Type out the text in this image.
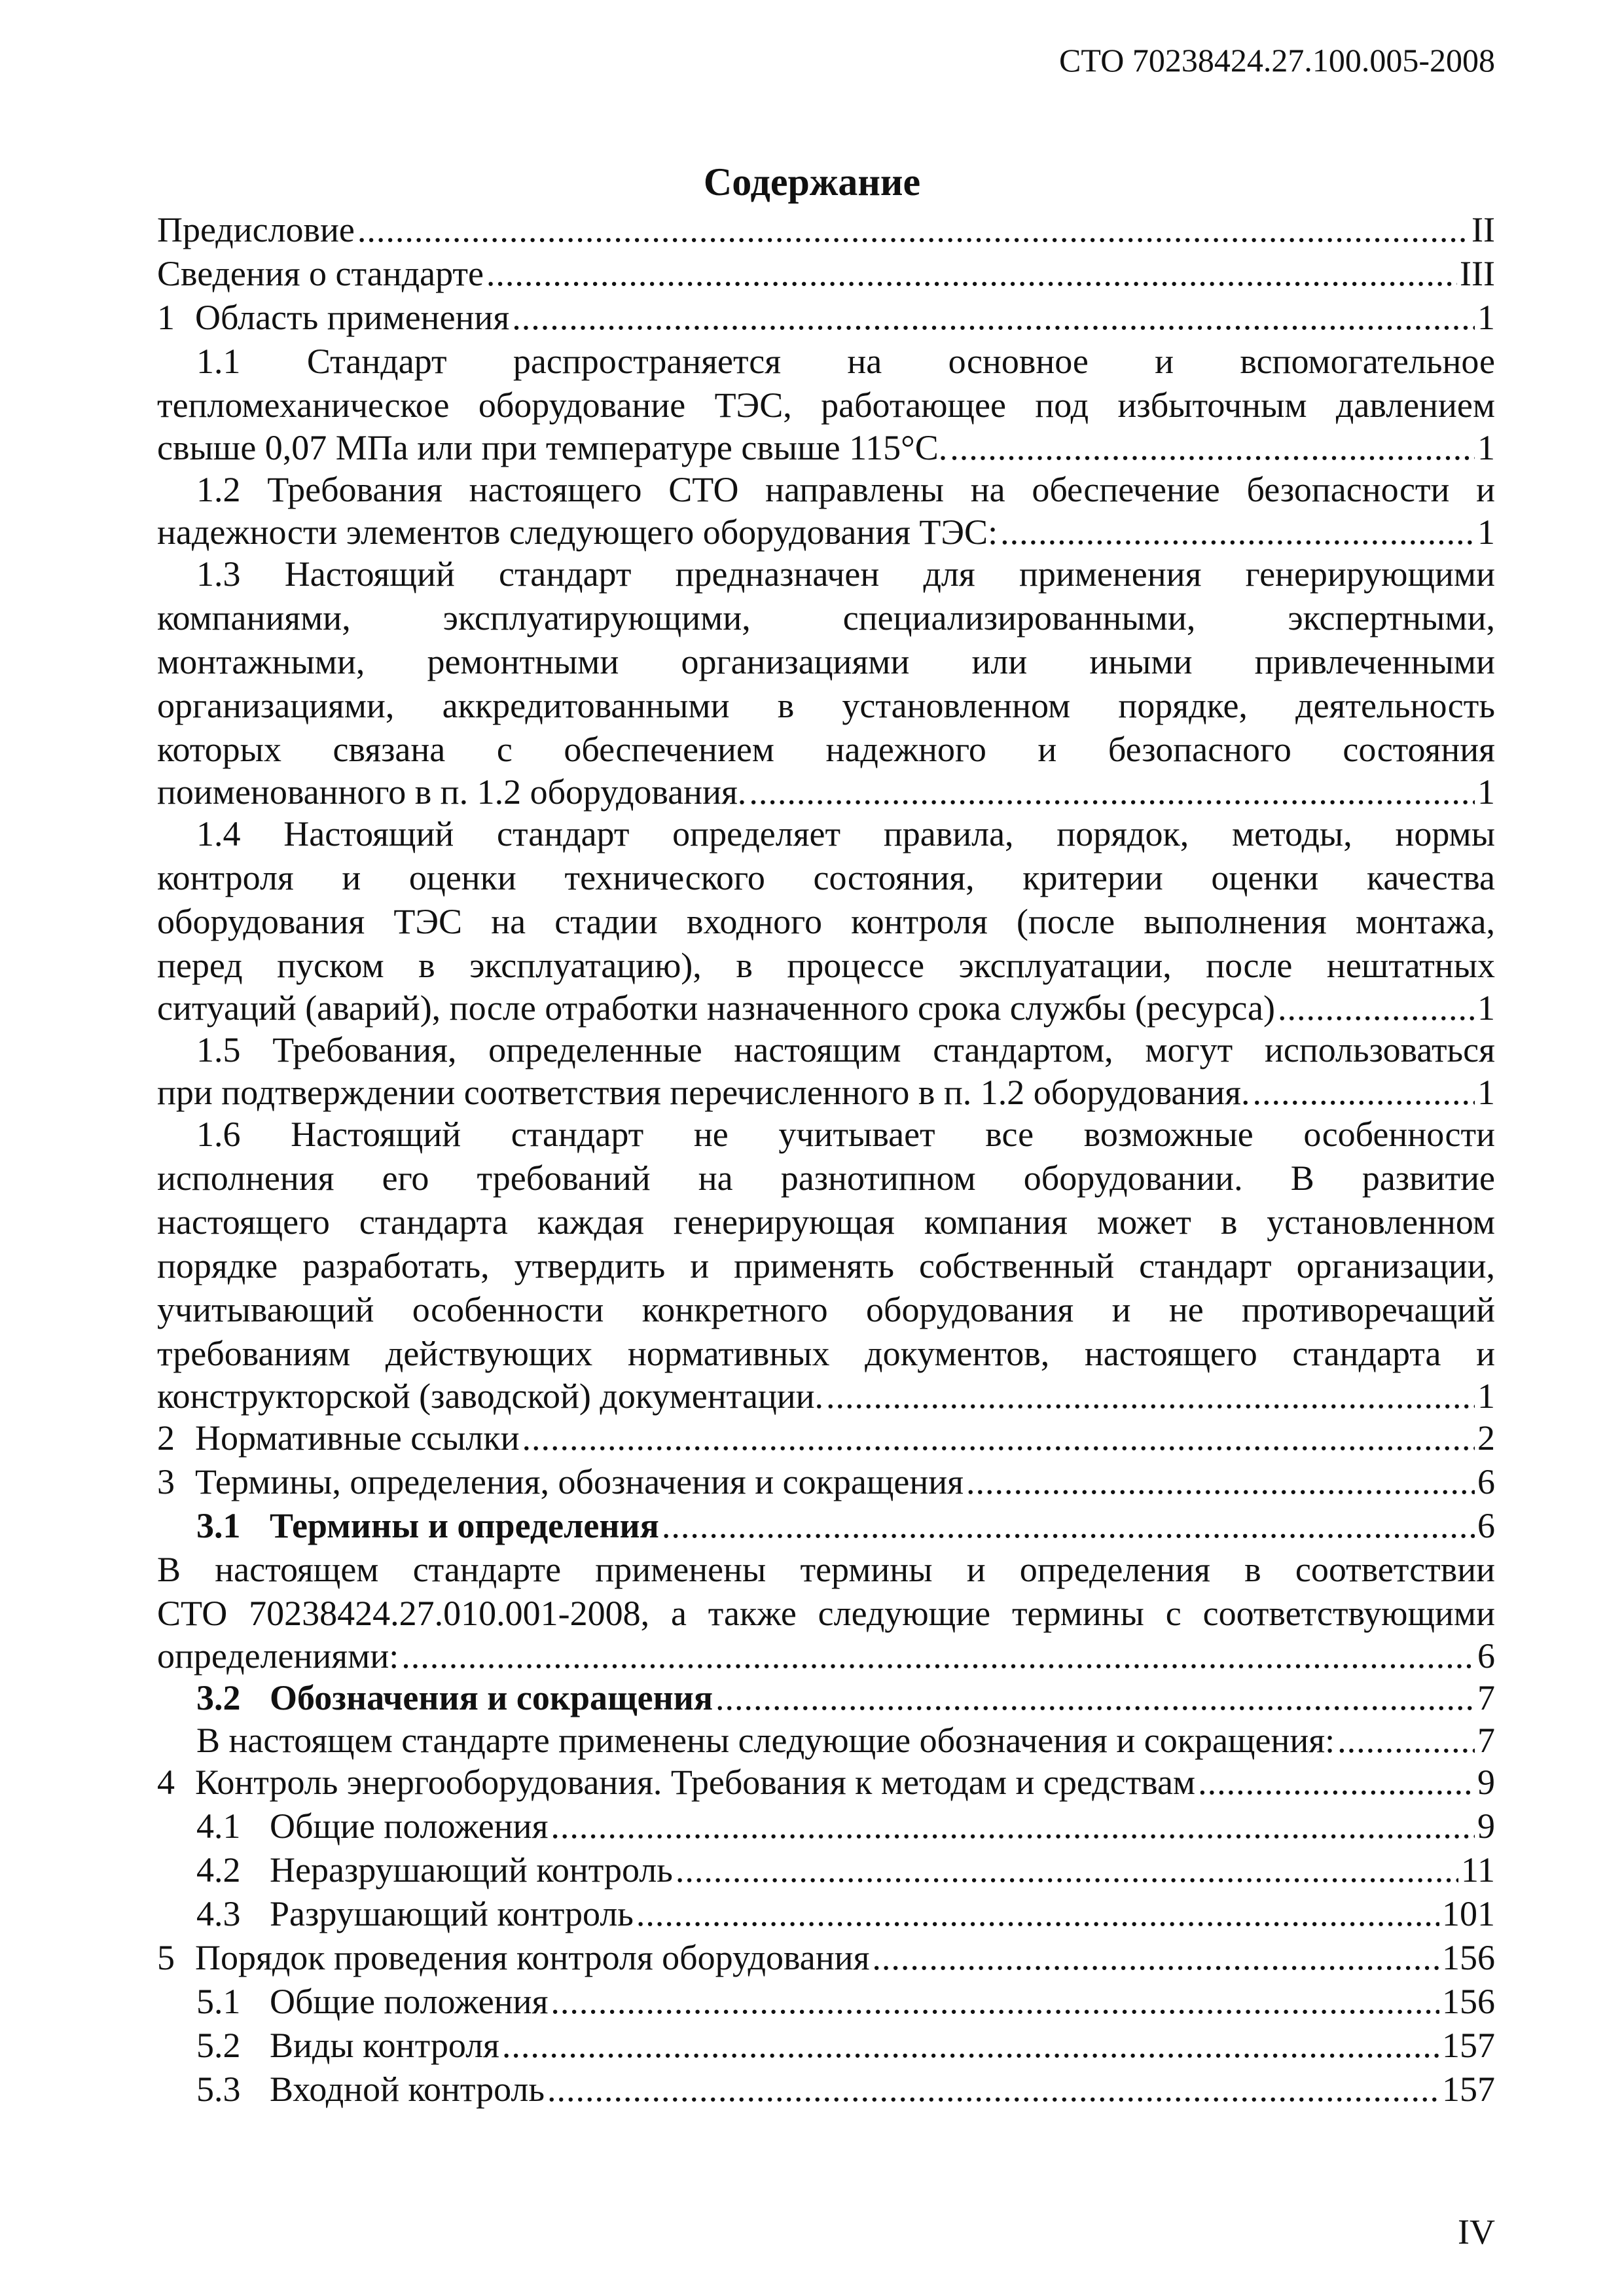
СТО 70238424.27.100.005-2008
Содержание
Предисловие .....	II
Сведения о стандарте .....	III
1 Область применения .....	1
1.1 Стандарт распространяется на основное и вспомогательное
тепломеханическое оборудование ТЭС, работающее под избыточным давлением
свыше 0,07 МПа или при температуре свыше 115°С. .....	1
1.2 Требования настоящего СТО направлены на обеспечение безопасности и
надежности элементов следующего оборудования ТЭС: .....	1
1.3 Настоящий стандарт предназначен для применения генерирующими
компаниями, эксплуатирующими, специализированными, экспертными,
монтажными, ремонтными организациями или иными привлеченными
организациями, аккредитованными в установленном порядке, деятельность
которых связана с обеспечением надежного и безопасного состояния
поименованного в п. 1.2 оборудования. .....	1
1.4 Настоящий стандарт определяет правила, порядок, методы, нормы
контроля и оценки технического состояния, критерии оценки качества
оборудования ТЭС на стадии входного контроля (после выполнения монтажа,
перед пуском в эксплуатацию), в процессе эксплуатации, после нештатных
ситуаций (аварий), после отработки назначенного срока службы (ресурса) .....	1
1.5 Требования, определенные настоящим стандартом, могут использоваться
при подтверждении соответствия перечисленного в п. 1.2 оборудования. .....	1
1.6 Настоящий стандарт не учитывает все возможные особенности
исполнения его требований на разнотипном оборудовании. В развитие
настоящего стандарта каждая генерирующая компания может в установленном
порядке разработать, утвердить и применять собственный стандарт организации,
учитывающий особенности конкретного оборудования и не противоречащий
требованиям действующих нормативных документов, настоящего стандарта и
конструкторской (заводской) документации. .....	1
2 Нормативные ссылки .....	2
3 Термины, определения, обозначения и сокращения .....	6
3.1 Термины и определения .....	6
В настоящем стандарте применены термины и определения в соответствии
СТО 70238424.27.010.001-2008, а также следующие термины с соответствующими
определениями: .....	6
3.2 Обозначения и сокращения .....	7
В настоящем стандарте применены следующие обозначения и сокращения: .....	7
4 Контроль энергооборудования. Требования к методам и средствам .....	9
4.1 Общие положения .....	9
4.2 Неразрушающий контроль .....	11
4.3 Разрушающий контроль .....	101
5 Порядок проведения контроля оборудования .....	156
5.1 Общие положения .....	156
5.2 Виды контроля .....	157
5.3 Входной контроль .....	157
IV
